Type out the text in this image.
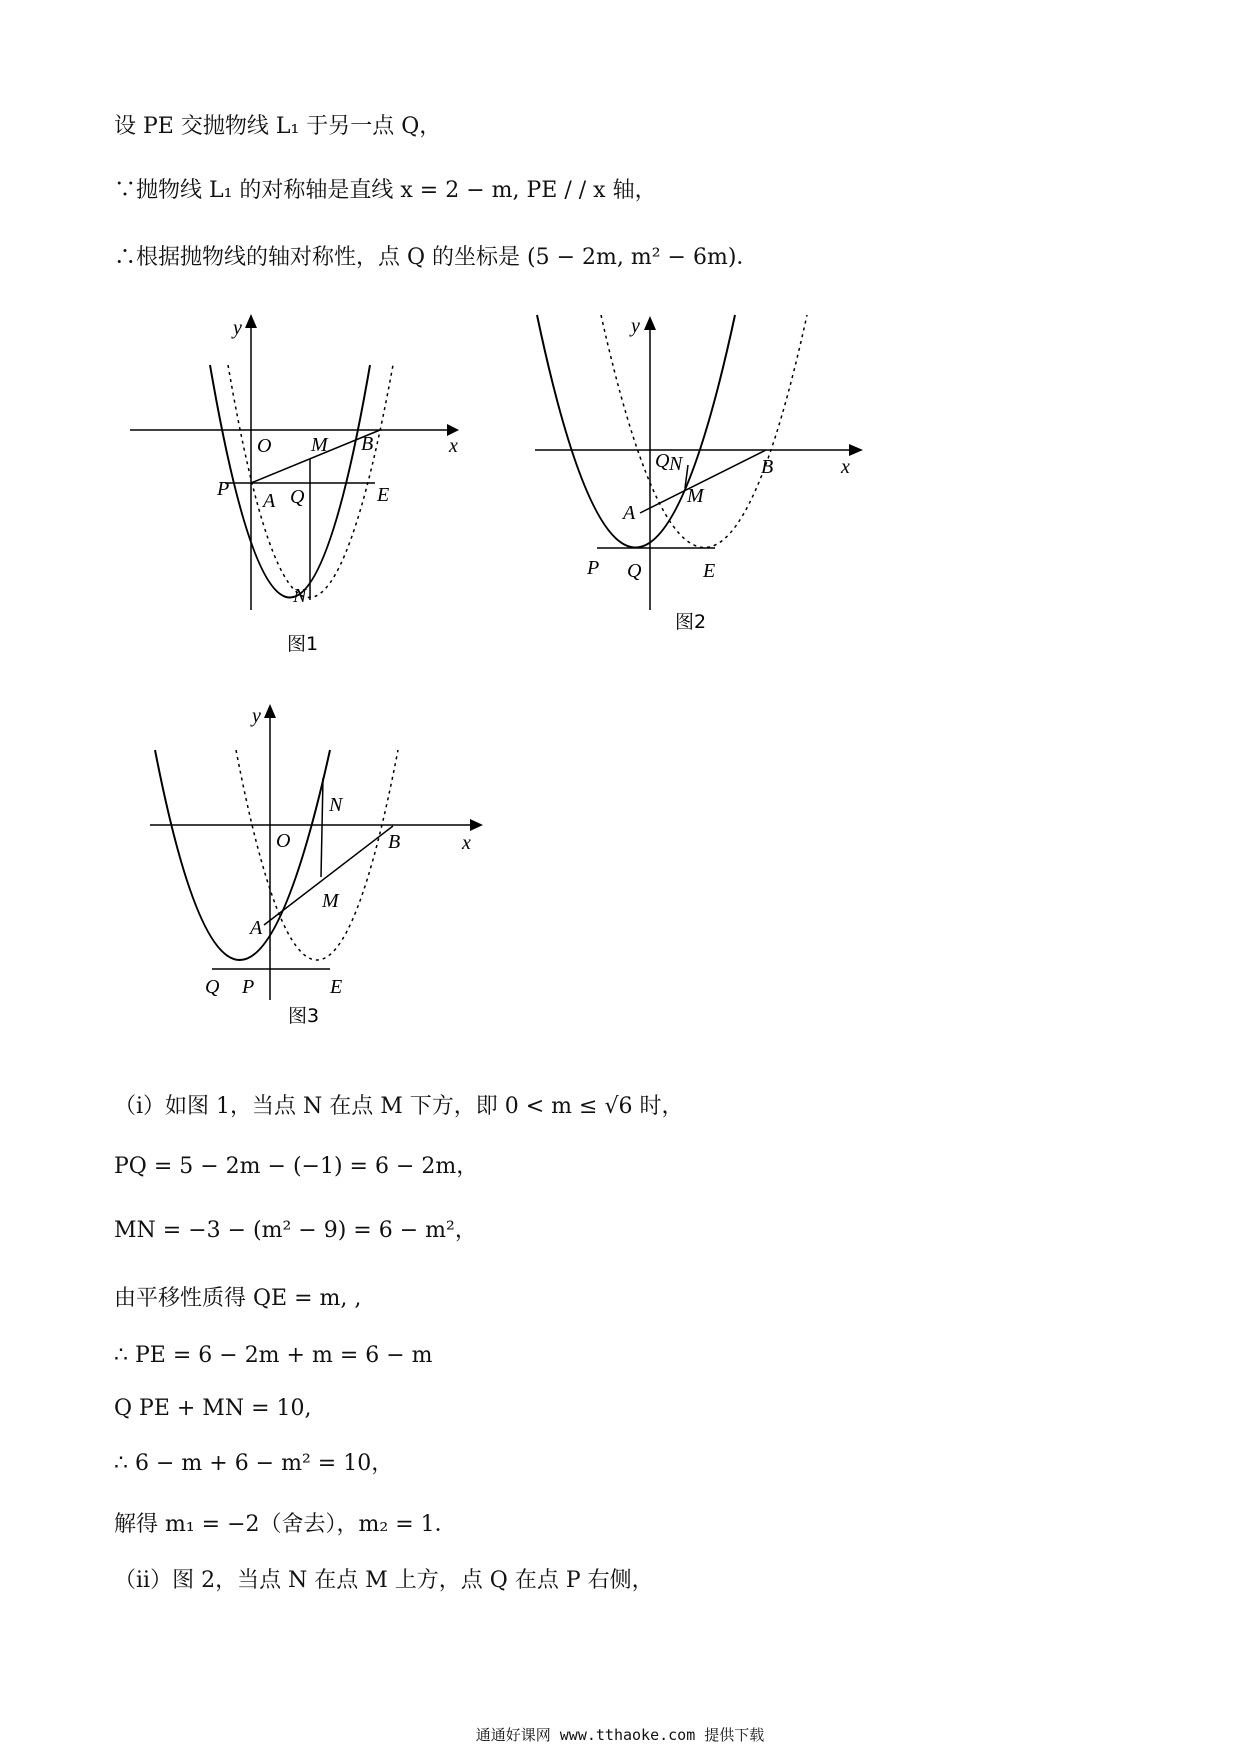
设 PE 交抛物线 L₁ 于另一点 Q，
∵抛物线 L₁ 的对称轴是直线 x = 2 − m, PE / / x 轴，
∴根据抛物线的轴对称性，点 Q 的坐标是 (5 − 2m, m² − 6m)．
y
x
O M B
P
A Q	E
N
图1
y
x
Q N	B
M
A
P Q	E
图2
y
x
N
O	B
M
A
Q P	E
图3
（i）如图 1，当点 N 在点 M 下方，即 0 < m ≤ √6 时，
PQ = 5 − 2m − (−1) = 6 − 2m，
MN = −3 − (m² − 9) = 6 − m²，
由平移性质得 QE = m, ,
∴ PE = 6 − 2m + m = 6 − m
Q PE + MN = 10,
∴ 6 − m + 6 − m² = 10，
解得 m₁ = −2（舍去），m₂ = 1．
（ii）图 2，当点 N 在点 M 上方，点 Q 在点 P 右侧，
通通好课网 www.tthaoke.com 提供下载
